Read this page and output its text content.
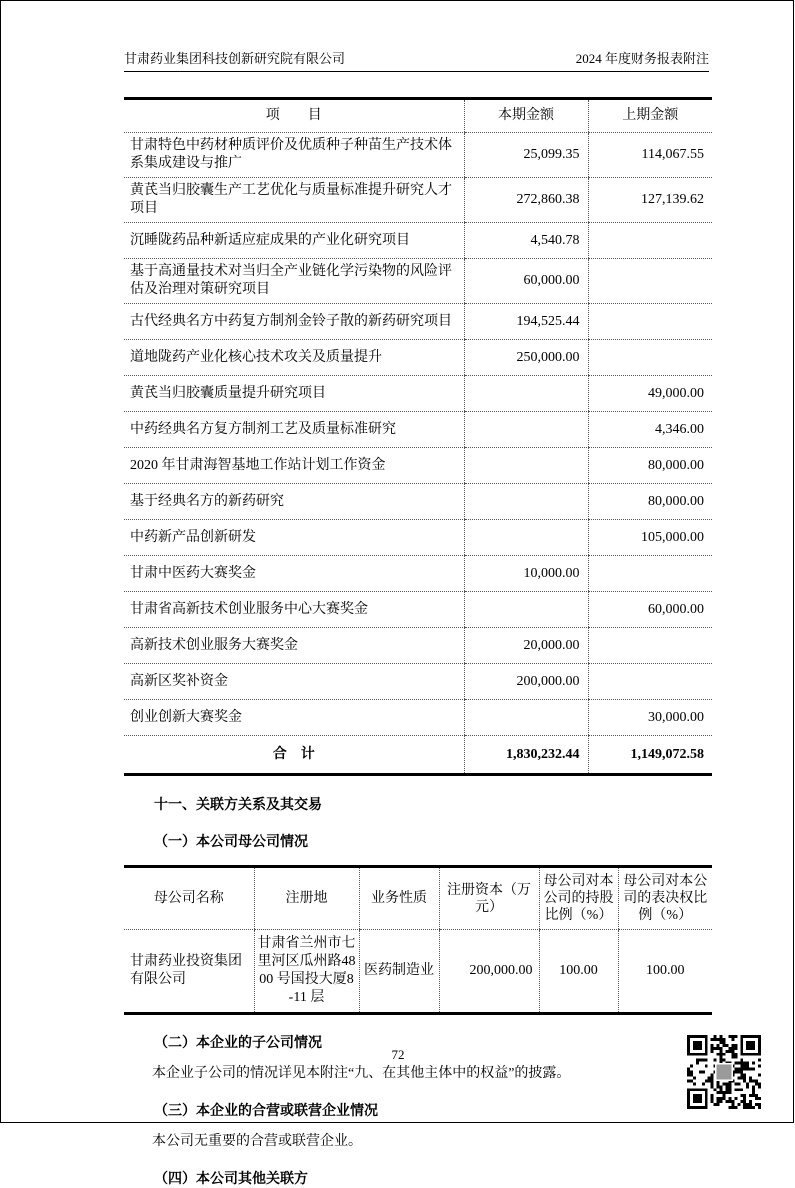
甘肃药业集团科技创新研究院有限公司	2024 年度财务报表附注
项　　目	本期金额	上期金额
甘肃特色中药材种质评价及优质种子种苗生产技术体系集成建设与推广	25,099.35	114,067.55
黄芪当归胶囊生产工艺优化与质量标准提升研究人才项目	272,860.38	127,139.62
沉睡陇药品种新适应症成果的产业化研究项目	4,540.78	
基于高通量技术对当归全产业链化学污染物的风险评估及治理对策研究项目	60,000.00	
古代经典名方中药复方制剂金铃子散的新药研究项目	194,525.44	
道地陇药产业化核心技术攻关及质量提升	250,000.00	
黄芪当归胶囊质量提升研究项目		49,000.00
中药经典名方复方制剂工艺及质量标准研究		4,346.00
2020 年甘肃海智基地工作站计划工作资金		80,000.00
基于经典名方的新药研究		80,000.00
中药新产品创新研发		105,000.00
甘肃中医药大赛奖金	10,000.00	
甘肃省高新技术创业服务中心大赛奖金		60,000.00
高新技术创业服务大赛奖金	20,000.00	
高新区奖补资金	200,000.00	
创业创新大赛奖金		30,000.00
合　计	1,830,232.44	1,149,072.58
十一、关联方关系及其交易
（一）本公司母公司情况
母公司名称	注册地	业务性质	注册资本（万元）	母公司对本公司的持股比例（%）	母公司对本公司的表决权比例（%）
甘肃药业投资集团有限公司	甘肃省兰州市七里河区瓜州路4800 号国投大厦8-11 层	医药制造业	200,000.00	100.00	100.00
（二）本企业的子公司情况
本企业子公司的情况详见本附注“九、在其他主体中的权益”的披露。
（三）本企业的合营或联营企业情况
本公司无重要的合营或联营企业。
（四）本公司其他关联方
72
